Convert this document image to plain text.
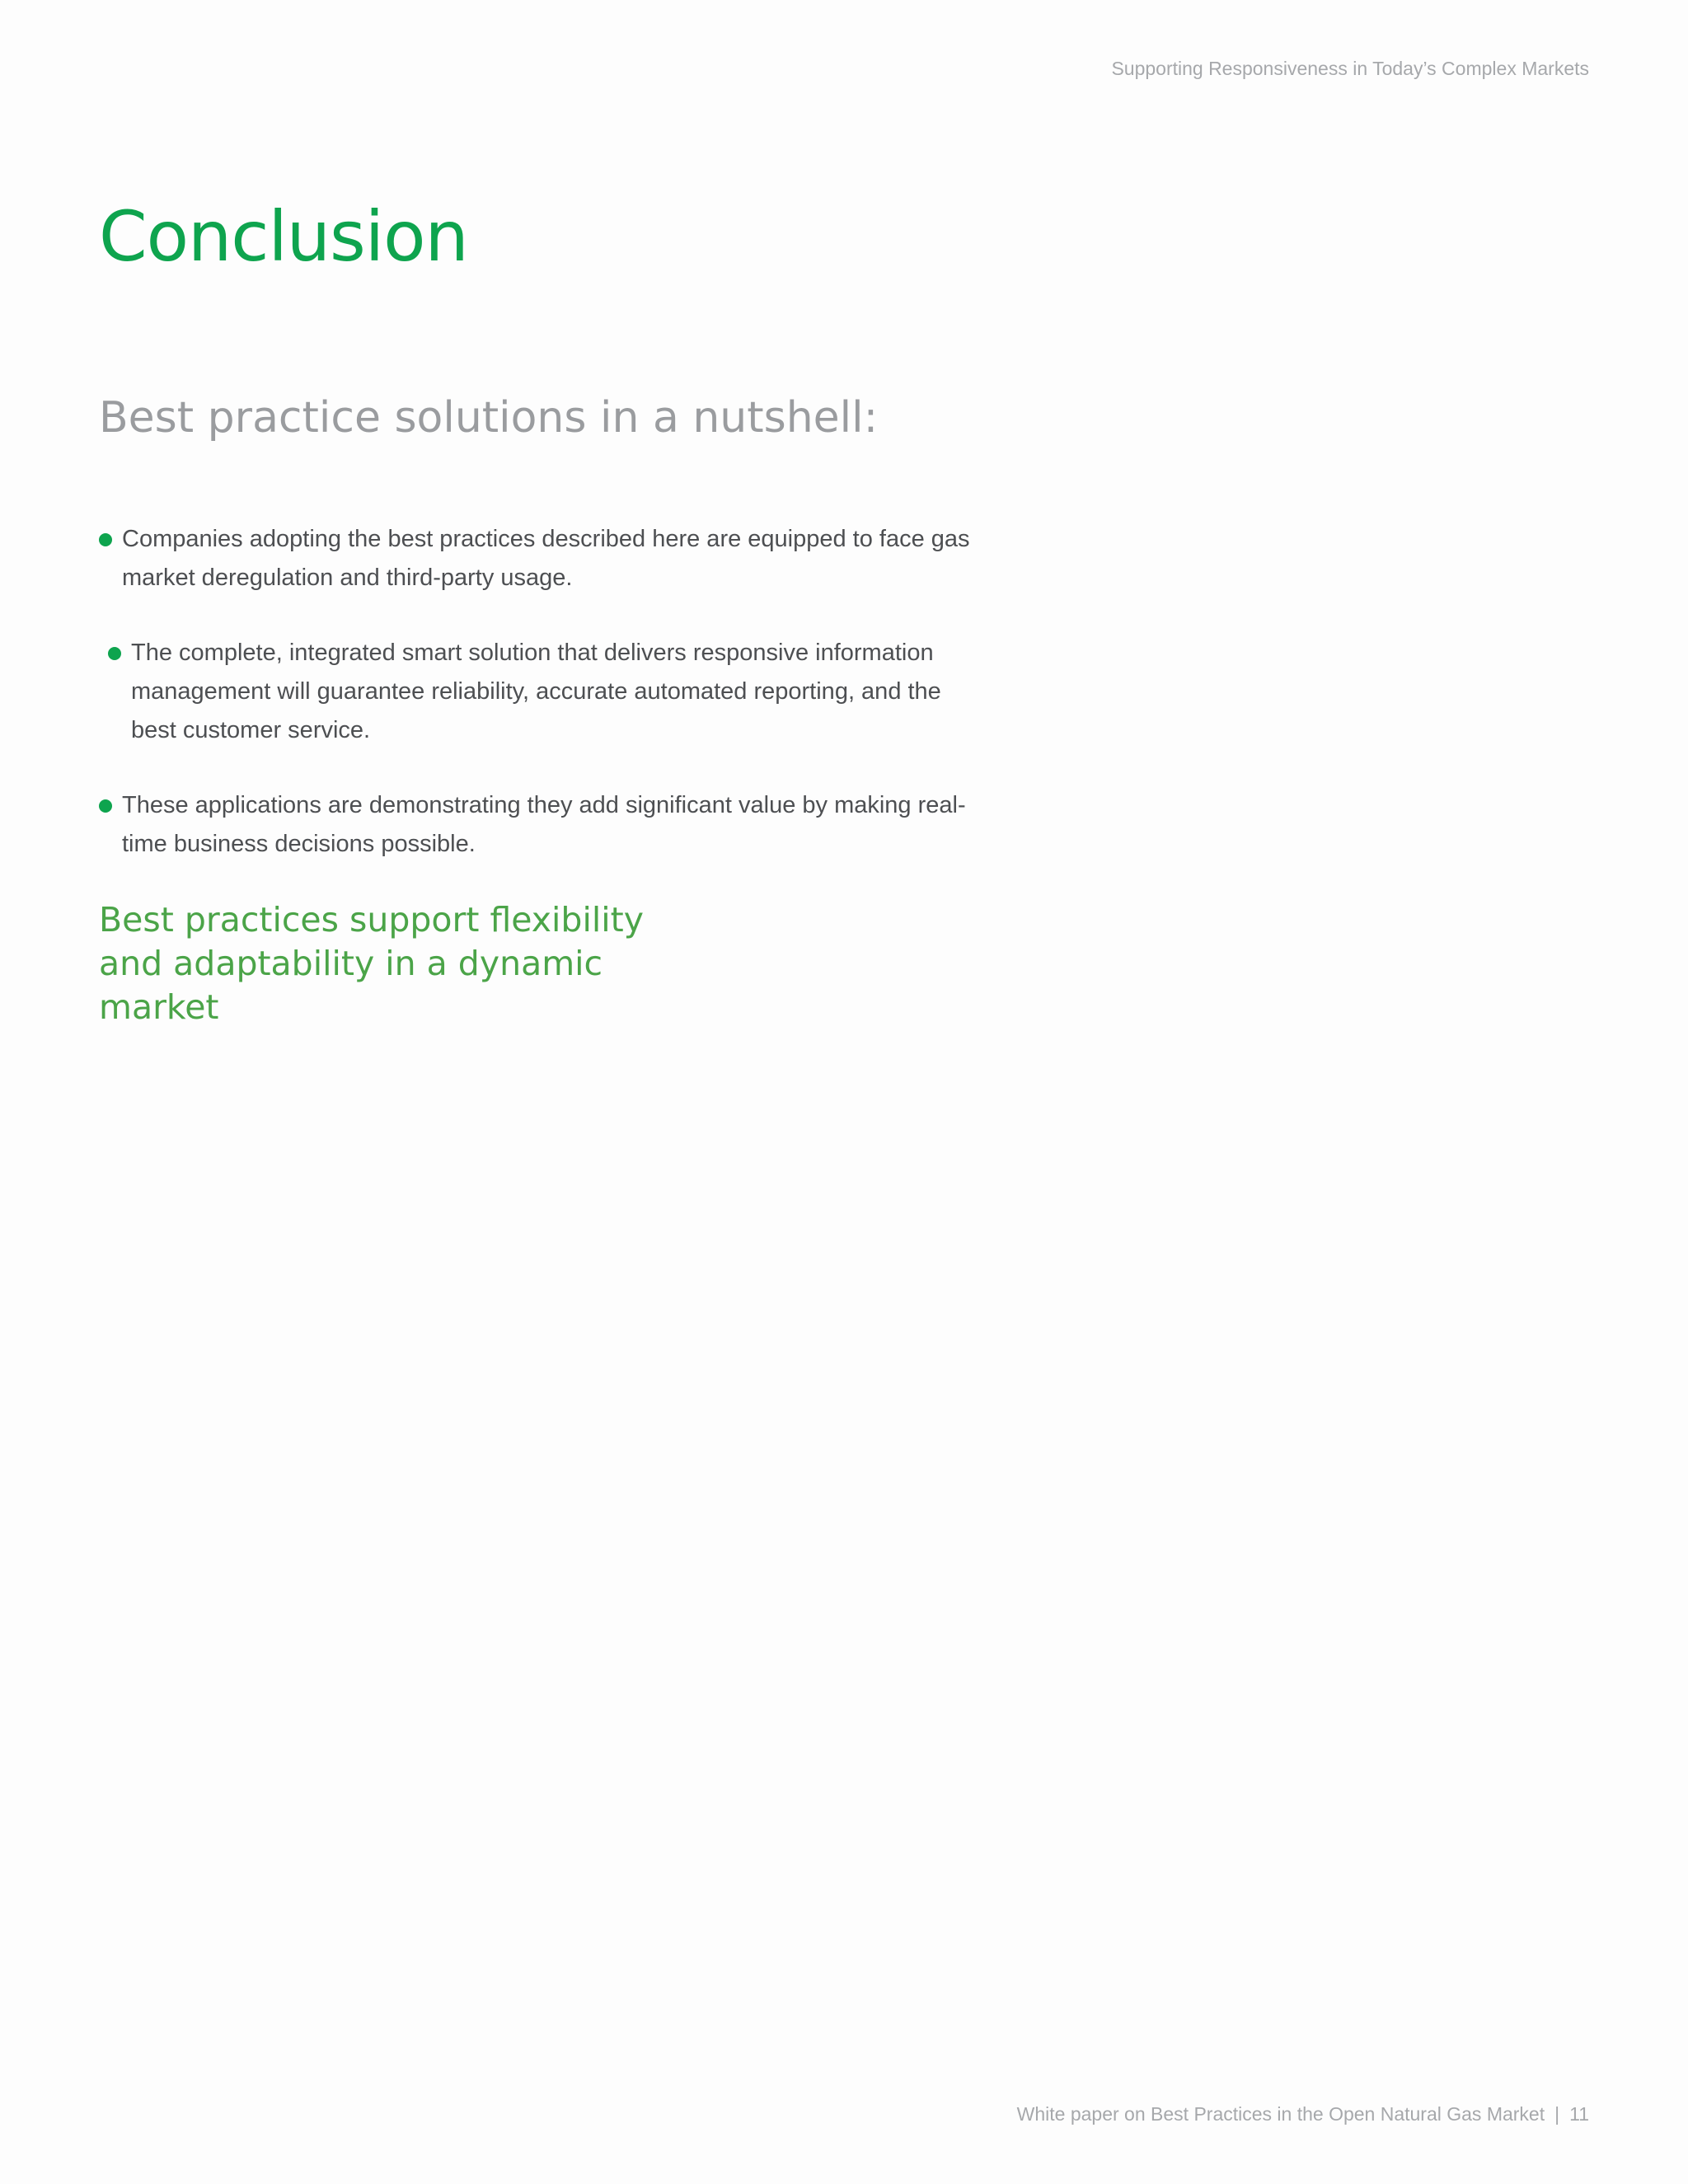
Supporting Responsiveness in Today’s Complex Markets
Conclusion
Best practice solutions in a nutshell:
Companies adopting the best practices described here are equipped to face gas market deregulation and third-party usage.
The complete, integrated smart solution that delivers responsive information management will guarantee reliability, accurate automated reporting, and the best customer service.
These applications are demonstrating they add significant value by making real-time business decisions possible.

Best practices support flexibility and adaptability in a dynamic market

White paper on Best Practices in the Open Natural Gas Market | 11
